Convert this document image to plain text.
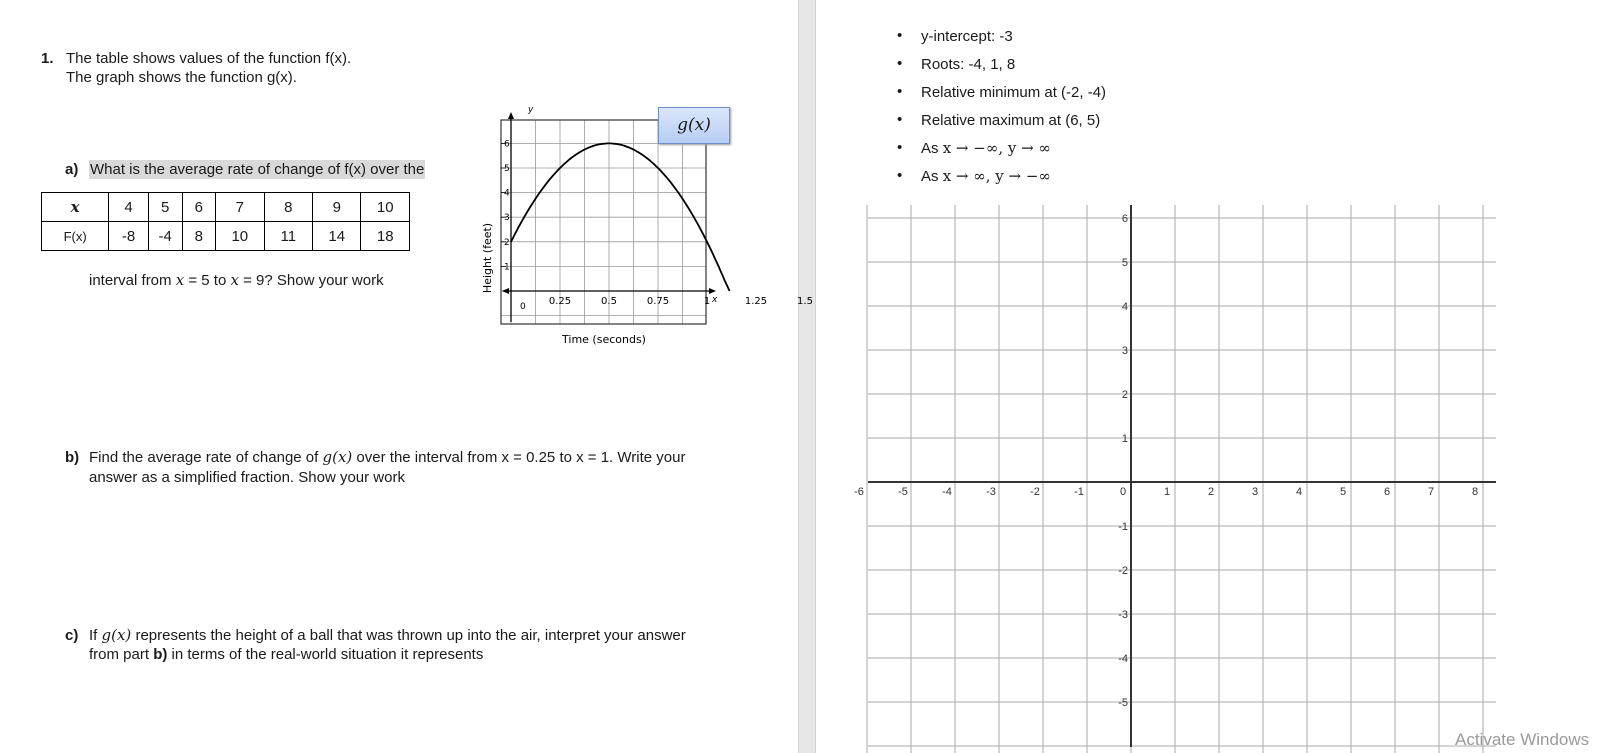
1. The table shows values of the function f(x).
The graph shows the function g(x).
a) What is the average rate of change of f(x) over the
x	4	5	6	7	8	9	10
F(x)	-8	-4	8	10	11	14	18
interval from x = 5 to x = 9? Show your work
y
x
0 0.25	0.5	0.75	1	1.25	1.5
1
2
3
4
5
6
Height (feet)
Time (seconds)
g(x)
b) Find the average rate of change of g(x) over the interval from x = 0.25 to x = 1. Write your
answer as a simplified fraction. Show your work
c) If g(x) represents the height of a ball that was thrown up into the air, interpret your answer
from part b) in terms of the real-world situation it represents
• y-intercept: -3
• Roots: -4, 1, 8
• Relative minimum at (-2, -4)
• Relative maximum at (6, 5)
• As x → −∞, y → ∞
• As x → ∞, y → −∞
-6	-5	-4	-3	-2	-1	0	1	2	3	4	5	6	7	8
6
5
4
3
2
1
-1
-2
-3
-4
-5
Activate Windows
